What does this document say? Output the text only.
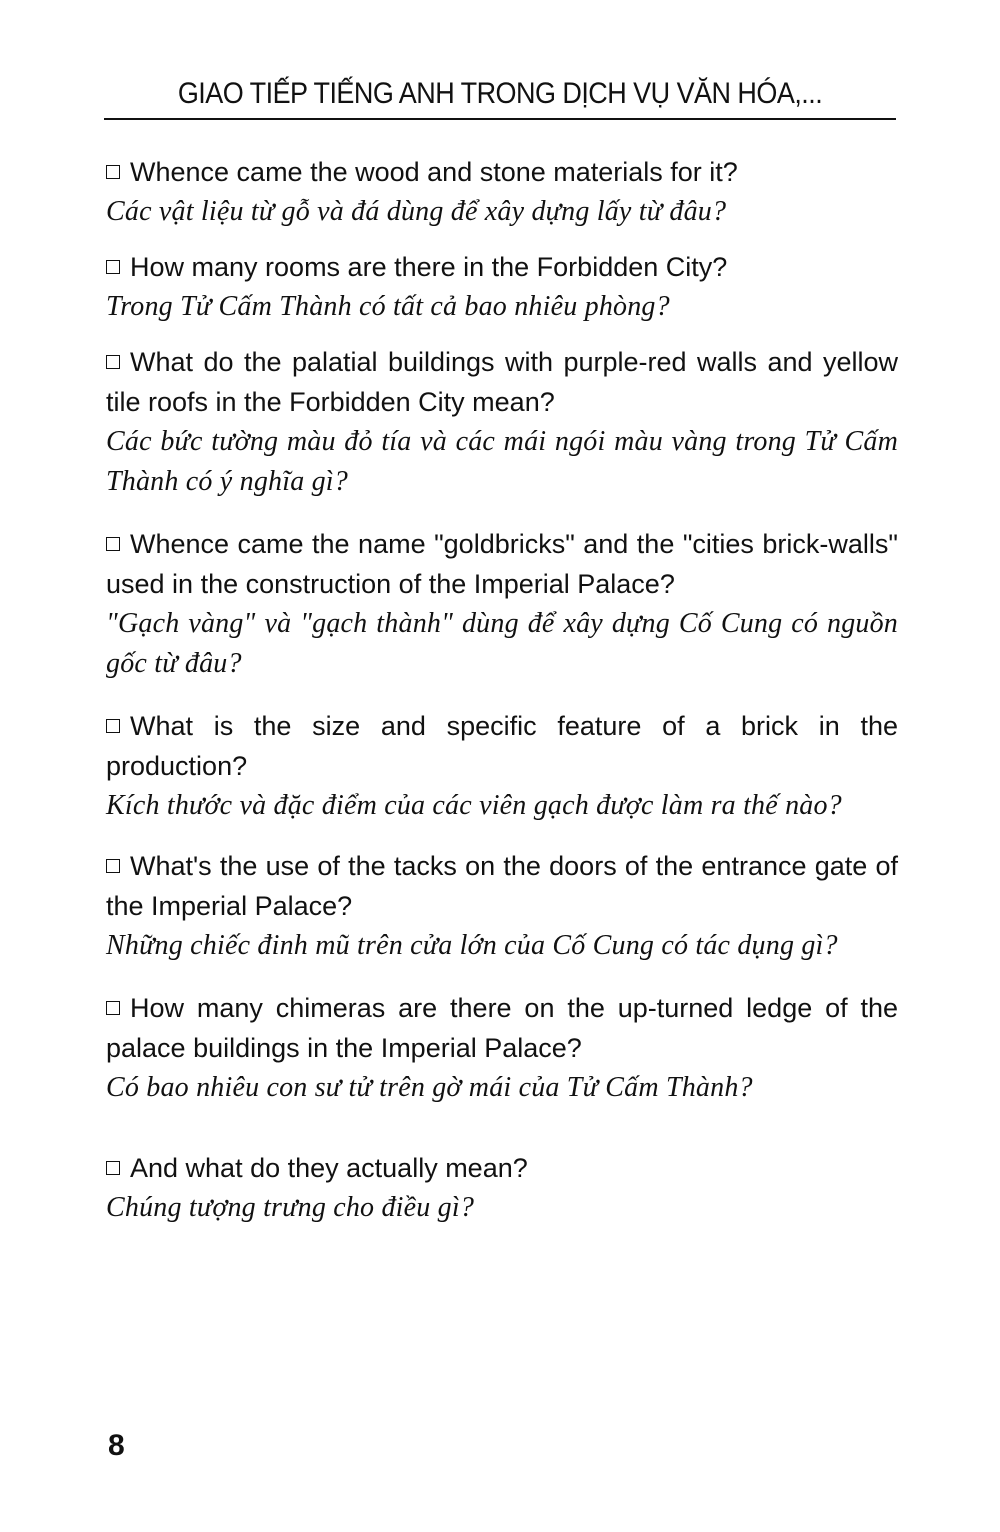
GIAO TIẾP TIẾNG ANH TRONG DỊCH VỤ VĂN HÓA,...

Whence came the wood and stone materials for it?

Các vật liệu từ gỗ và đá dùng để xây dựng lấy từ đâu?

How many rooms are there in the Forbidden City?

Trong Tử Cấm Thành có tất cả bao nhiêu phòng?

What do the palatial buildings with purple-red walls and yellow tile roofs in the Forbidden City mean?

Các bức tường màu đỏ tía và các mái ngói màu vàng trong Tử Cấm Thành có ý nghĩa gì?

Whence came the name "goldbricks" and the "cities brick-walls" used in the construction of the Imperial Palace?

"Gạch vàng" và "gạch thành" dùng để xây dựng Cố Cung có nguồn gốc từ đâu?

What is the size and specific feature of a brick in the production?

Kích thước và đặc điểm của các viên gạch được làm ra thế nào?

What's the use of the tacks on the doors of the entrance gate of the Imperial Palace?

Những chiếc đinh mũ trên cửa lớn của Cố Cung có tác dụng gì?

How many chimeras are there on the up-turned ledge of the palace buildings in the Imperial Palace?

Có bao nhiêu con sư tử trên gờ mái của Tử Cấm Thành?

And what do they actually mean?

Chúng tượng trưng cho điều gì?

8
